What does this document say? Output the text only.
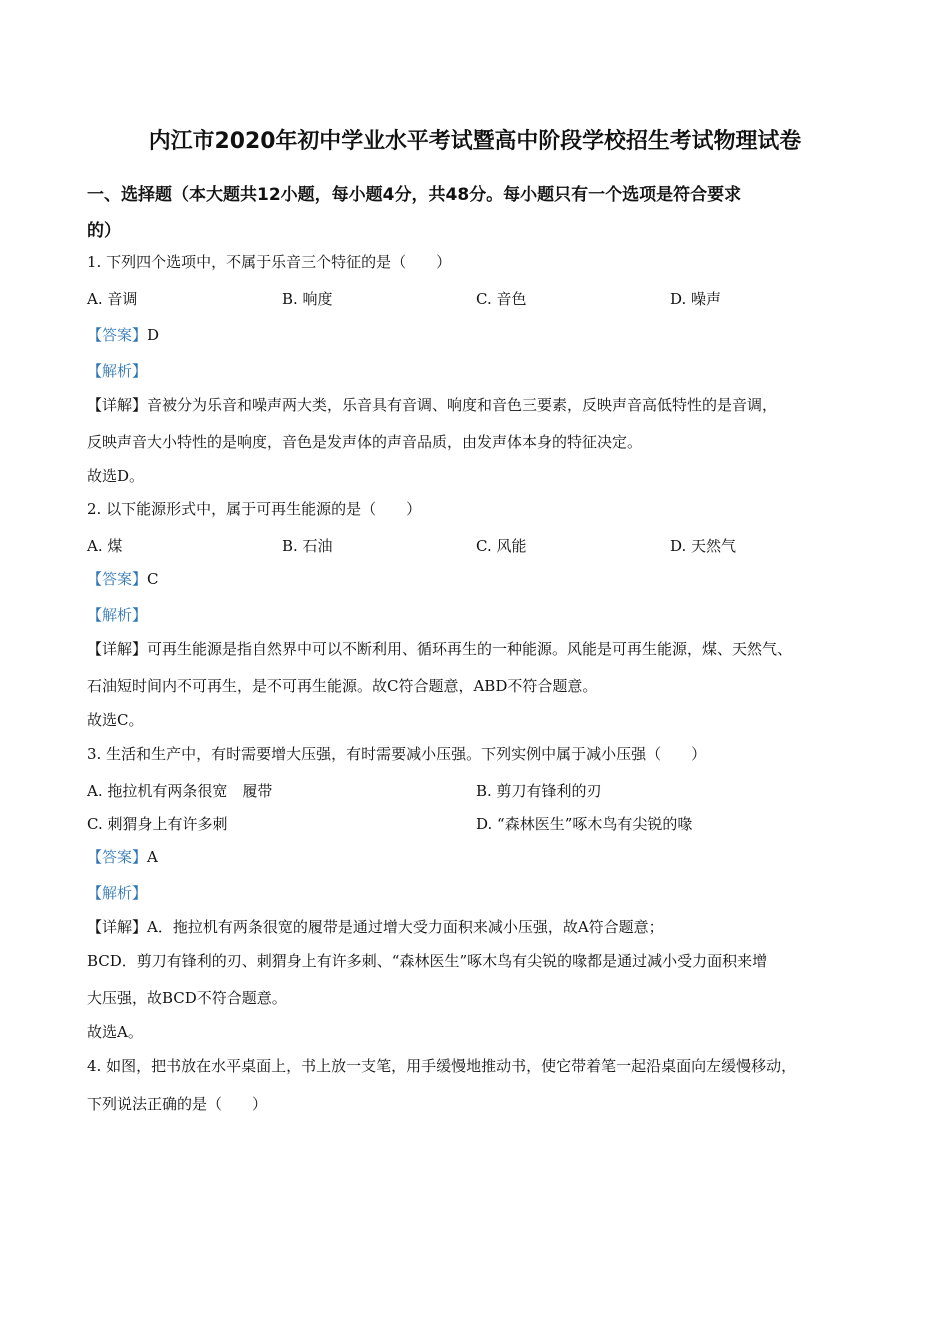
内江市2020年初中学业水平考试暨高中阶段学校招生考试物理试卷
一、选择题（本大题共12小题，每小题4分，共48分。每小题只有一个选项是符合要求
的）
1. 下列四个选项中，不属于乐音三个特征的是（　　）
A. 音调	B. 响度	C. 音色	D. 噪声
【答案】D
【解析】
【详解】音被分为乐音和噪声两大类，乐音具有音调、响度和音色三要素，反映声音高低特性的是音调，
反映声音大小特性的是响度，音色是发声体的声音品质，由发声体本身的特征决定。
故选D。
2. 以下能源形式中，属于可再生能源的是（　　）
A. 煤	B. 石油	C. 风能	D. 天然气
【答案】C
【解析】
【详解】可再生能源是指自然界中可以不断利用、循环再生的一种能源。风能是可再生能源，煤、天然气、
石油短时间内不可再生，是不可再生能源。故C符合题意，ABD不符合题意。
故选C。
3. 生活和生产中，有时需要增大压强，有时需要减小压强。下列实例中属于减小压强（　　）
A. 拖拉机有两条很宽　履带	B. 剪刀有锋利的刃
C. 刺猬身上有许多刺	D. “森林医生”啄木鸟有尖锐的喙
【答案】A
【解析】
【详解】A．拖拉机有两条很宽的履带是通过增大受力面积来减小压强，故A符合题意；
BCD．剪刀有锋利的刃、刺猬身上有许多刺、“森林医生”啄木鸟有尖锐的喙都是通过减小受力面积来增
大压强，故BCD不符合题意。
故选A。
4. 如图，把书放在水平桌面上，书上放一支笔，用手缓慢地推动书，使它带着笔一起沿桌面向左缓慢移动，
下列说法正确的是（　　）
